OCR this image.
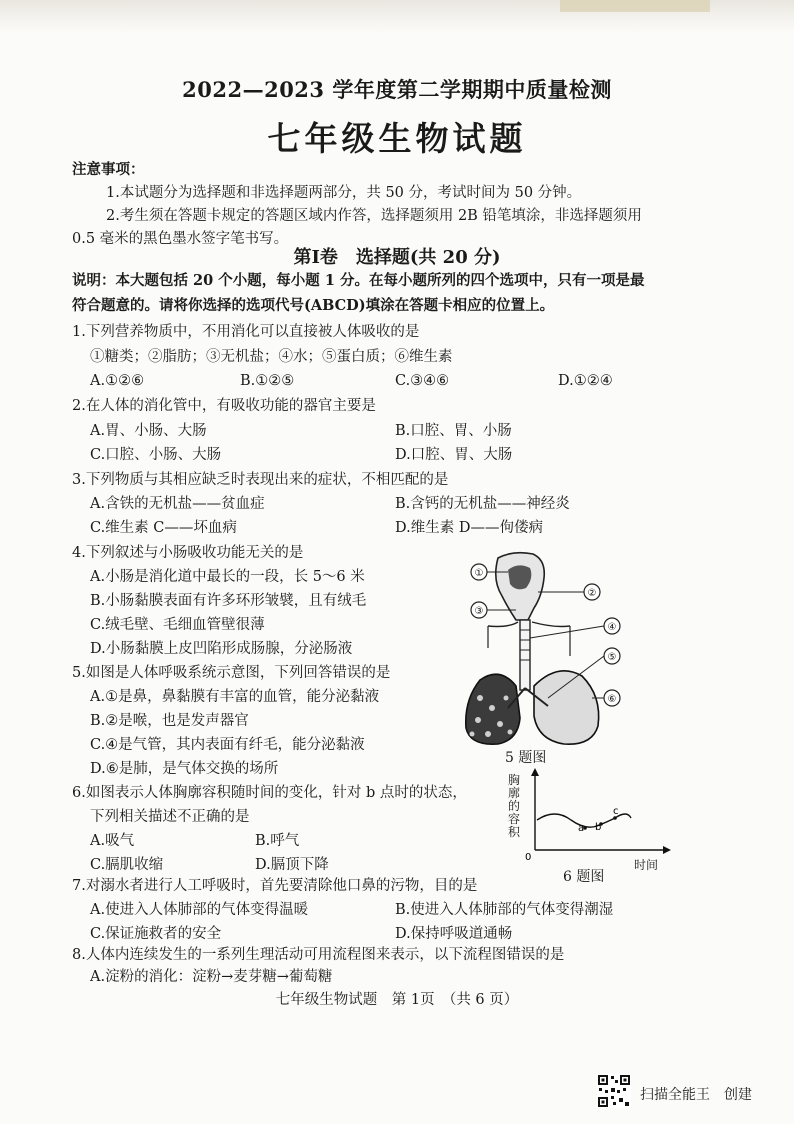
2022—2023 学年度第二学期期中质量检测
七年级生物试题
注意事项：
1.本试题分为选择题和非选择题两部分，共 50 分，考试时间为 50 分钟。
2.考生须在答题卡规定的答题区域内作答，选择题须用 2B 铅笔填涂，非选择题须用
0.5 毫米的黑色墨水签字笔书写。
第Ⅰ卷　选择题(共 20 分)
说明：本大题包括 20 个小题，每小题 1 分。在每小题所列的四个选项中，只有一项是最
符合题意的。请将你选择的选项代号(ABCD)填涂在答题卡相应的位置上。
1.下列营养物质中，不用消化可以直接被人体吸收的是
①糖类；②脂肪；③无机盐；④水；⑤蛋白质；⑥维生素
A.①②⑥	B.①②⑤	C.③④⑥	D.①②④
2.在人体的消化管中，有吸收功能的器官主要是
A.胃、小肠、大肠	B.口腔、胃、小肠
C.口腔、小肠、大肠	D.口腔、胃、大肠
3.下列物质与其相应缺乏时表现出来的症状，不相匹配的是
A.含铁的无机盐——贫血症	B.含钙的无机盐——神经炎
C.维生素 C——坏血病	D.维生素 D——佝偻病
4.下列叙述与小肠吸收功能无关的是
A.小肠是消化道中最长的一段，长 5～6 米
B.小肠黏膜表面有许多环形皱襞，且有绒毛
C.绒毛壁、毛细血管壁很薄
D.小肠黏膜上皮凹陷形成肠腺，分泌肠液
5.如图是人体呼吸系统示意图，下列回答错误的是
A.①是鼻，鼻黏膜有丰富的血管，能分泌黏液
B.②是喉，也是发声器官
C.④是气管，其内表面有纤毛，能分泌黏液
D.⑥是肺，是气体交换的场所
6.如图表示人体胸廓容积随时间的变化，针对 b 点时的状态，
下列相关描述不正确的是
A.吸气	B.呼气
C.膈肌收缩	D.膈顶下降
7.对溺水者进行人工呼吸时，首先要清除他口鼻的污物，目的是
A.使进入人体肺部的气体变得温暖	B.使进入人体肺部的气体变得潮湿
C.保证施救者的安全	D.保持呼吸道通畅
8.人体内连续发生的一系列生理活动可用流程图来表示，以下流程图错误的是
A.淀粉的消化：淀粉→麦芽糖→葡萄糖
①
②
③
④
⑤
⑥
5 题图
a b
c
0
胸廓的容积
时间
6 题图
七年级生物试题　第 1页　（共 6 页）
扫描全能王　创建
